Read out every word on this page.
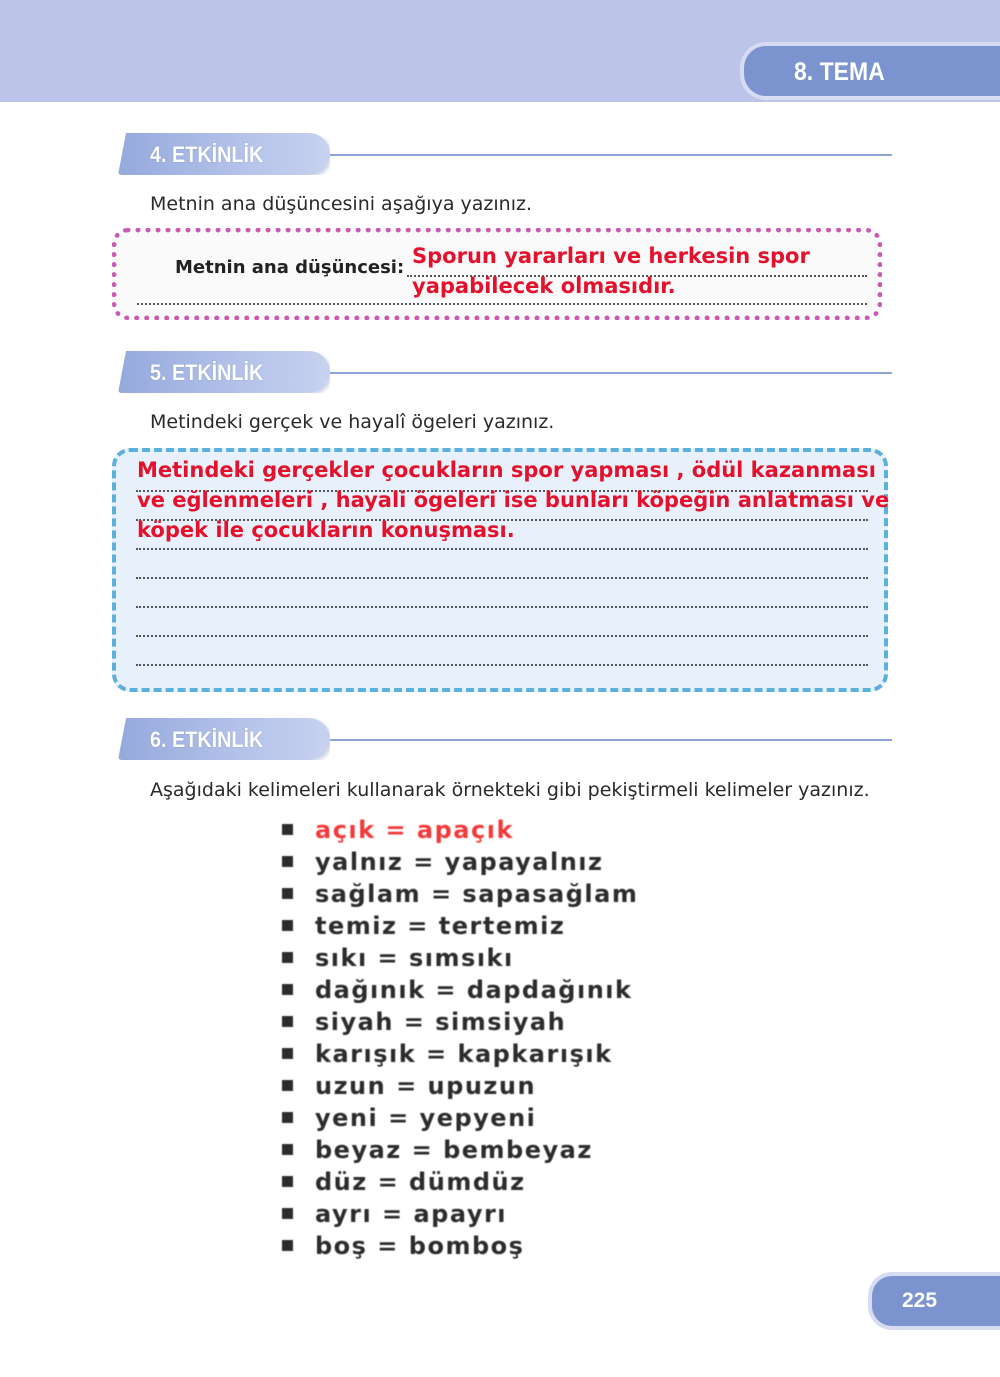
8. TEMA
4. ETKİNLİK
Metnin ana düşüncesini aşağıya yazınız.
Metnin ana düşüncesi: Sporun yararları ve herkesin spor
yapabilecek olmasıdır.
5. ETKİNLİK
Metindeki gerçek ve hayalî ögeleri yazınız.
Metindeki gerçekler çocukların spor yapması , ödül kazanması
ve eğlenmeleri , hayali ögeleri ise bunları köpeğin anlatması ve
köpek ile çocukların konuşması.
6. ETKİNLİK
Aşağıdaki kelimeleri kullanarak örnekteki gibi pekiştirmeli kelimeler yazınız.
açık = apaçık
yalnız = yapayalnız
sağlam = sapasağlam
temiz = tertemiz
sıkı = sımsıkı
dağınık = dapdağınık
siyah = simsiyah
karışık = kapkarışık
uzun = upuzun
yeni = yepyeni
beyaz = bembeyaz
düz = dümdüz
ayrı = apayrı
boş = bomboş
225
